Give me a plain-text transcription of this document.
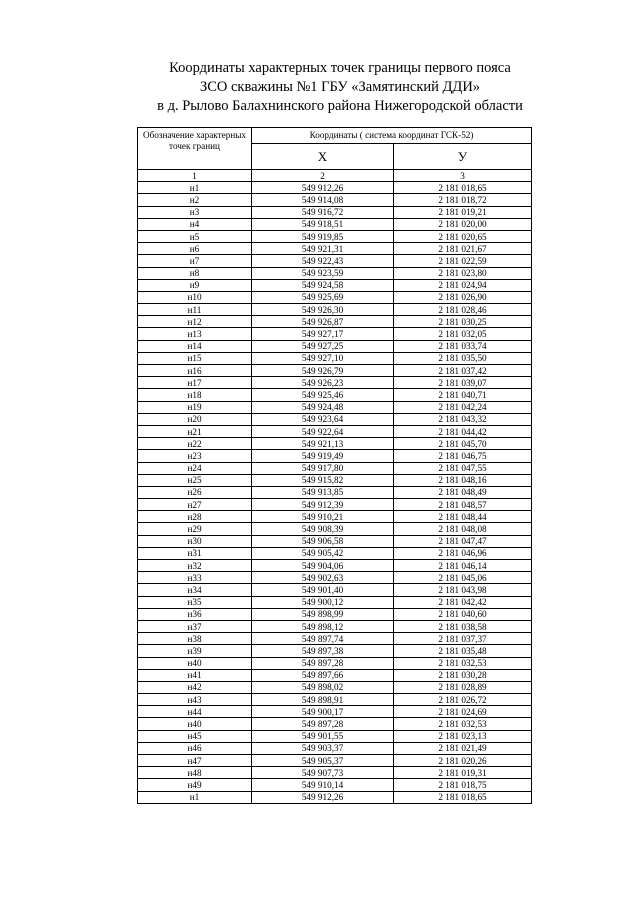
Координаты характерных точек границы первого пояса
ЗСО скважины №1 ГБУ «Замятинский ДДИ»
в д. Рылово Балахнинского района Нижегородской области
Обозначение характерных точек границ	Координаты ( система координат ГСК-52)	
	X	У
1	2	3
н1	549 912,26	2 181 018,65
н2	549 914,08	2 181 018,72
н3	549 916,72	2 181 019,21
н4	549 918,51	2 181 020,00
н5	549 919,85	2 181 020,65
н6	549 921,31	2 181 021,67
н7	549 922,43	2 181 022,59
н8	549 923,59	2 181 023,80
н9	549 924,58	2 181 024,94
н10	549 925,69	2 181 026,90
н11	549 926,30	2 181 028,46
н12	549 926,87	2 181 030,25
н13	549 927,17	2 181 032,05
н14	549 927,25	2 181 033,74
н15	549 927,10	2 181 035,50
н16	549 926,79	2 181 037,42
н17	549 926,23	2 181 039,07
н18	549 925,46	2 181 040,71
н19	549 924,48	2 181 042,24
н20	549 923,64	2 181 043,32
н21	549 922,64	2 181 044,42
н22	549 921,13	2 181 045,70
н23	549 919,49	2 181 046,75
н24	549 917,80	2 181 047,55
н25	549 915,82	2 181 048,16
н26	549 913,85	2 181 048,49
н27	549 912,39	2 181 048,57
н28	549 910,21	2 181 048,44
н29	549 908,39	2 181 048,08
н30	549 906,58	2 181 047,47
н31	549 905,42	2 181 046,96
н32	549 904,06	2 181 046,14
н33	549 902,63	2 181 045,06
н34	549 901,40	2 181 043,98
н35	549 900,12	2 181 042,42
н36	549 898,99	2 181 040,60
н37	549 898,12	2 181 038,58
н38	549 897,74	2 181 037,37
н39	549 897,38	2 181 035,48
н40	549 897,28	2 181 032,53
н41	549 897,66	2 181 030,28
н42	549 898,02	2 181 028,89
н43	549 898,91	2 181 026,72
н44	549 900,17	2 181 024,69
н40	549 897,28	2 181 032,53
н45	549 901,55	2 181 023,13
н46	549 903,37	2 181 021,49
н47	549 905,37	2 181 020,26
н48	549 907,73	2 181 019,31
н49	549 910,14	2 181 018,75
н1	549 912,26	2 181 018,65
